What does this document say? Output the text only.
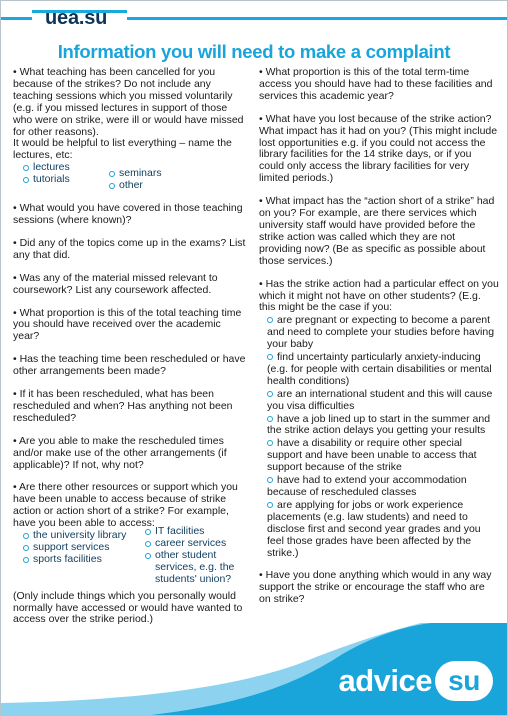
uea.su
Information you will need to make a complaint

• What teaching has been cancelled for you because of the strikes? Do not include any teaching sessions which you missed voluntarily (e.g. if you missed lectures in support of those who were on strike, were ill or would have missed for other reasons).

It would be helpful to list everything – name the lectures, etc:

lectures
tutorials	seminars
other

• What would you have covered in those teaching sessions (where known)?

• Did any of the topics come up in the exams? List any that did.

• Was any of the material missed relevant to coursework? List any coursework affected.

• What proportion is this of the total teaching time you should have received over the academic year?

• Has the teaching time been rescheduled or have other arrangements been made?

• If it has been rescheduled, what has been rescheduled and when? Has anything not been rescheduled?

• Are you able to make the rescheduled times and/or make use of the other arrangements (if applicable)? If not, why not?

• Are there other resources or support which you have been unable to access because of strike action or action short of a strike? For example, have you been able to access:

the university library
support services
sports facilities
IT facilities
career services
other student services, e.g. the students' union?

(Only include things which you personally would normally have accessed or would have wanted to access over the strike period.)

• What proportion is this of the total term-time access you should have had to these facilities and services this academic year?

• What have you lost because of the strike action? What impact has it had on you? (This might include lost opportunities e.g. if you could not access the library facilities for the 14 strike days, or if you could only access the library facilities for very limited periods.)

• What impact has the “action short of a strike” had on you? For example, are there services which university staff would have provided before the strike action was called which they are not providing now? (Be as specific as possible about those services.)

• Has the strike action had a particular effect on you which it might not have on other students? (E.g. this might be the case if you:

are pregnant or expecting to become a parent and need to complete your studies before having your baby

find uncertainty particularly anxiety-inducing (e.g. for people with certain disabilities or mental health conditions)

are an international student and this will cause you visa difficulties

have a job lined up to start in the summer and the strike action delays you getting your results

have a disability or require other special support and have been unable to access that support because of the strike

have had to extend your accommodation because of rescheduled classes

are applying for jobs or work experience placements (e.g. law students) and need to disclose first and second year grades and you feel those grades have been affected by the strike.)

• Have you done anything which would in any way support the strike or encourage the staff who are on strike?

advice su
